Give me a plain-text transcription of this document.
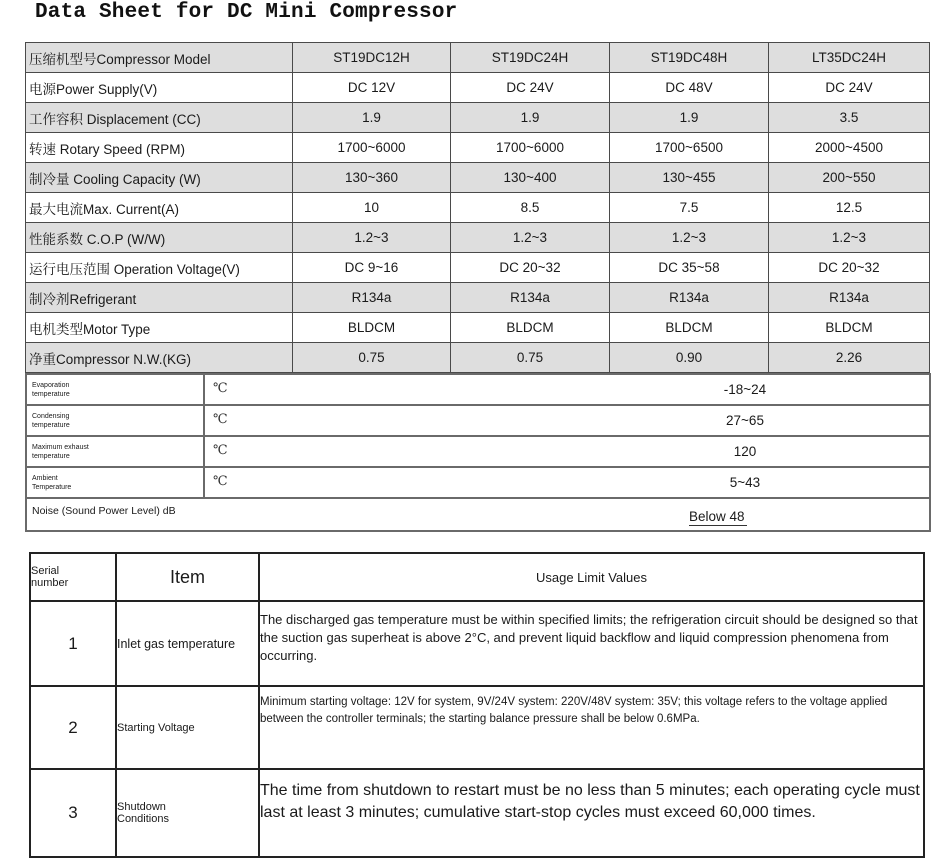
Data Sheet for DC Mini Compressor
压缩机型号Compressor Model	ST19DC12H	ST19DC24H	ST19DC48H	LT35DC24H
电源Power Supply(V)	DC 12V	DC 24V	DC 48V	DC 24V
工作容积 Displacement (CC)	1.9	1.9	1.9	3.5
转速 Rotary Speed (RPM)	1700~6000	1700~6000	1700~6500	2000~4500
制冷量 Cooling Capacity (W)	130~360	130~400	130~455	200~550
最大电流Max. Current(A)	10	8.5	7.5	12.5
性能系数 C.O.P (W/W)	1.2~3	1.2~3	1.2~3	1.2~3
运行电压范围 Operation Voltage(V)	DC 9~16	DC 20~32	DC 35~58	DC 20~32
制冷剂Refrigerant	R134a	R134a	R134a	R134a
电机类型Motor Type	BLDCM	BLDCM	BLDCM	BLDCM
净重Compressor N.W.(KG)	0.75	0.75	0.90	2.26
Evaporation
temperature	℃ -18~24

Condensing
temperature	℃ 27~65

Maximum exhaust
temperature	℃ 120

Ambient
Temperature	℃ 5~43

Noise (Sound Power Level) dB Below 48	
Serial
number	Item	Usage Limit Values
1	Inlet gas temperature	The discharged gas temperature must be within specified limits; the refrigeration circuit should be designed so that the suction gas superheat is above 2°C, and prevent liquid backflow and liquid compression phenomena from occurring.
2	Starting Voltage	Minimum starting voltage: 12V for system, 9V/24V system: 220V/48V system: 35V; this voltage refers to the voltage applied between the controller terminals; the starting balance pressure shall be below 0.6MPa.
3	Shutdown
Conditions	The time from shutdown to restart must be no less than 5 minutes; each operating cycle must last at least 3 minutes; cumulative start-stop cycles must exceed 60,000 times.
